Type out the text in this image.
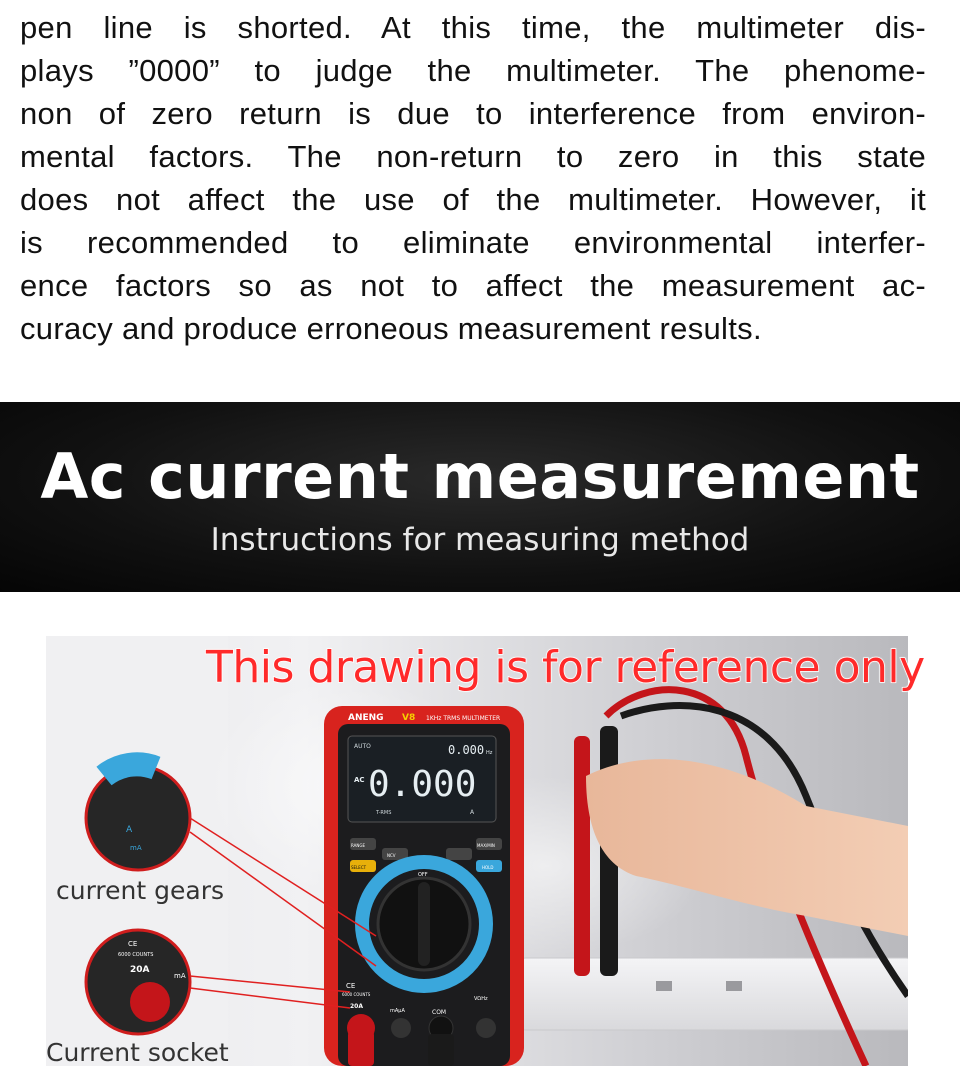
pen line is shorted. At this time, the multimeter dis-
plays ”0000” to judge the multimeter. The phenome-
non of zero return is due to interference from environ-
mental factors. The non-return to zero in this state
does not affect the use of the multimeter. However, it
is recommended to eliminate environmental interfer-
ence factors so as not to affect the measurement ac-
curacy and produce erroneous measurement results.
Ac current measurement
Instructions for measuring method
ANENG V8 1KHz TRMS MULTIMETER
AUTO	0.000 Hz
AC 0.000
T-RMS	A
RANGE
NCV
MAX/MIN
SELECT	HOLD
OFF
CE
6000 COUNTS
20A
mAµA	COM
VΩHz
A
mA
CE
6000 COUNTS
20A
mA
This drawing is for reference only
current gears
Current socket
